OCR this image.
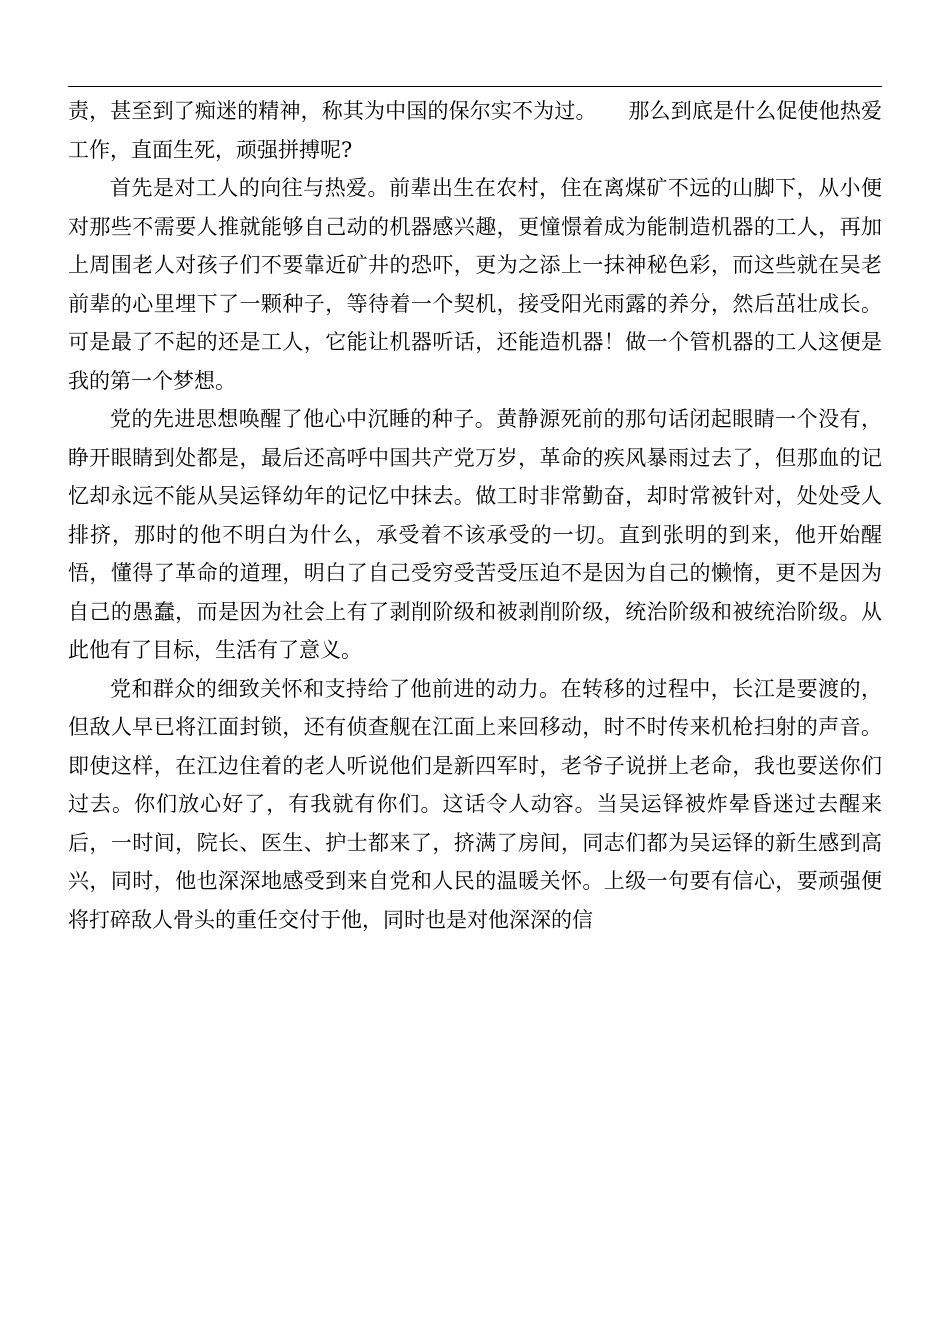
责，甚至到了痴迷的精神，称其为中国的保尔实不为过。　　那么到底是什么促使他热爱工作，直面生死，顽强拼搏呢?

首先是对工人的向往与热爱。前辈出生在农村，住在离煤矿不远的山脚下，从小便对那些不需要人推就能够自己动的机器感兴趣，更憧憬着成为能制造机器的工人，再加上周围老人对孩子们不要靠近矿井的恐吓，更为之添上一抹神秘色彩，而这些就在吴老前辈的心里埋下了一颗种子，等待着一个契机，接受阳光雨露的养分，然后茁壮成长。可是最了不起的还是工人，它能让机器听话，还能造机器！做一个管机器的工人这便是我的第一个梦想。

党的先进思想唤醒了他心中沉睡的种子。黄静源死前的那句话闭起眼睛一个没有，睁开眼睛到处都是，最后还高呼中国共产党万岁，革命的疾风暴雨过去了，但那血的记忆却永远不能从吴运铎幼年的记忆中抹去。做工时非常勤奋，却时常被针对，处处受人排挤，那时的他不明白为什么，承受着不该承受的一切。直到张明的到来，他开始醒悟，懂得了革命的道理，明白了自己受穷受苦受压迫不是因为自己的懒惰，更不是因为自己的愚蠢，而是因为社会上有了剥削阶级和被剥削阶级，统治阶级和被统治阶级。从此他有了目标，生活有了意义。

党和群众的细致关怀和支持给了他前进的动力。在转移的过程中，长江是要渡的，但敌人早已将江面封锁，还有侦查舰在江面上来回移动，时不时传来机枪扫射的声音。即使这样，在江边住着的老人听说他们是新四军时，老爷子说拼上老命，我也要送你们过去。你们放心好了，有我就有你们。这话令人动容。当吴运铎被炸晕昏迷过去醒来后，一时间，院长、医生、护士都来了，挤满了房间，同志们都为吴运铎的新生感到高兴，同时，他也深深地感受到来自党和人民的温暖关怀。上级一句要有信心，要顽强便将打碎敌人骨头的重任交付于他，同时也是对他深深的信
